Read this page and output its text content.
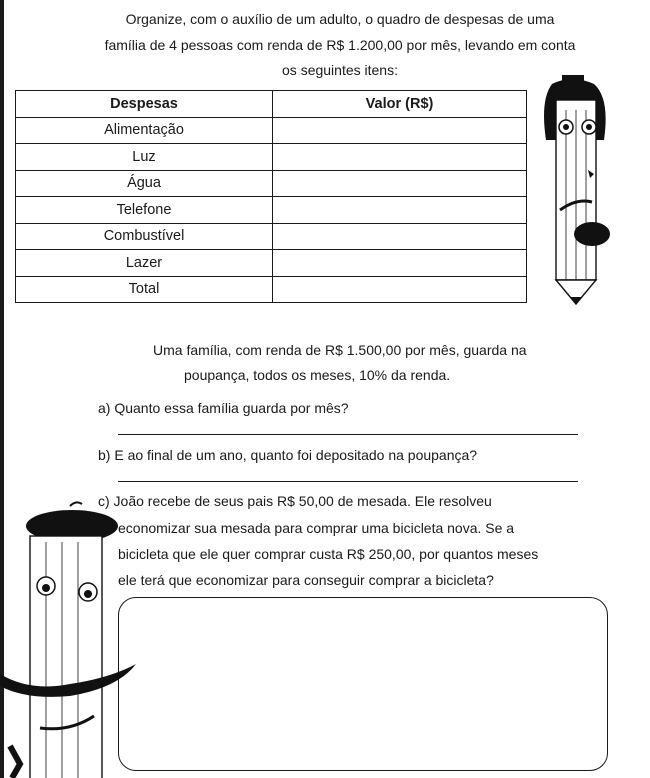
Organize, com o auxílio de um adulto, o quadro de despesas de uma
família de 4 pessoas com renda de R$ 1.200,00 por mês, levando em conta
os seguintes itens:
Despesas	Valor (R$)
Alimentação	
Luz	
Água	
Telefone	
Combustível	
Lazer	
Total	
Uma família, com renda de R$ 1.500,00 por mês, guarda na
poupança, todos os meses, 10% da renda.
a) Quanto essa família guarda por mês?
b) E ao final de um ano, quanto foi depositado na poupança?
c) João recebe de seus pais R$ 50,00 de mesada. Ele resolveu
economizar sua mesada para comprar uma bicicleta nova. Se a
bicicleta que ele quer comprar custa R$ 250,00, por quantos meses
ele terá que economizar para conseguir comprar a bicicleta?
